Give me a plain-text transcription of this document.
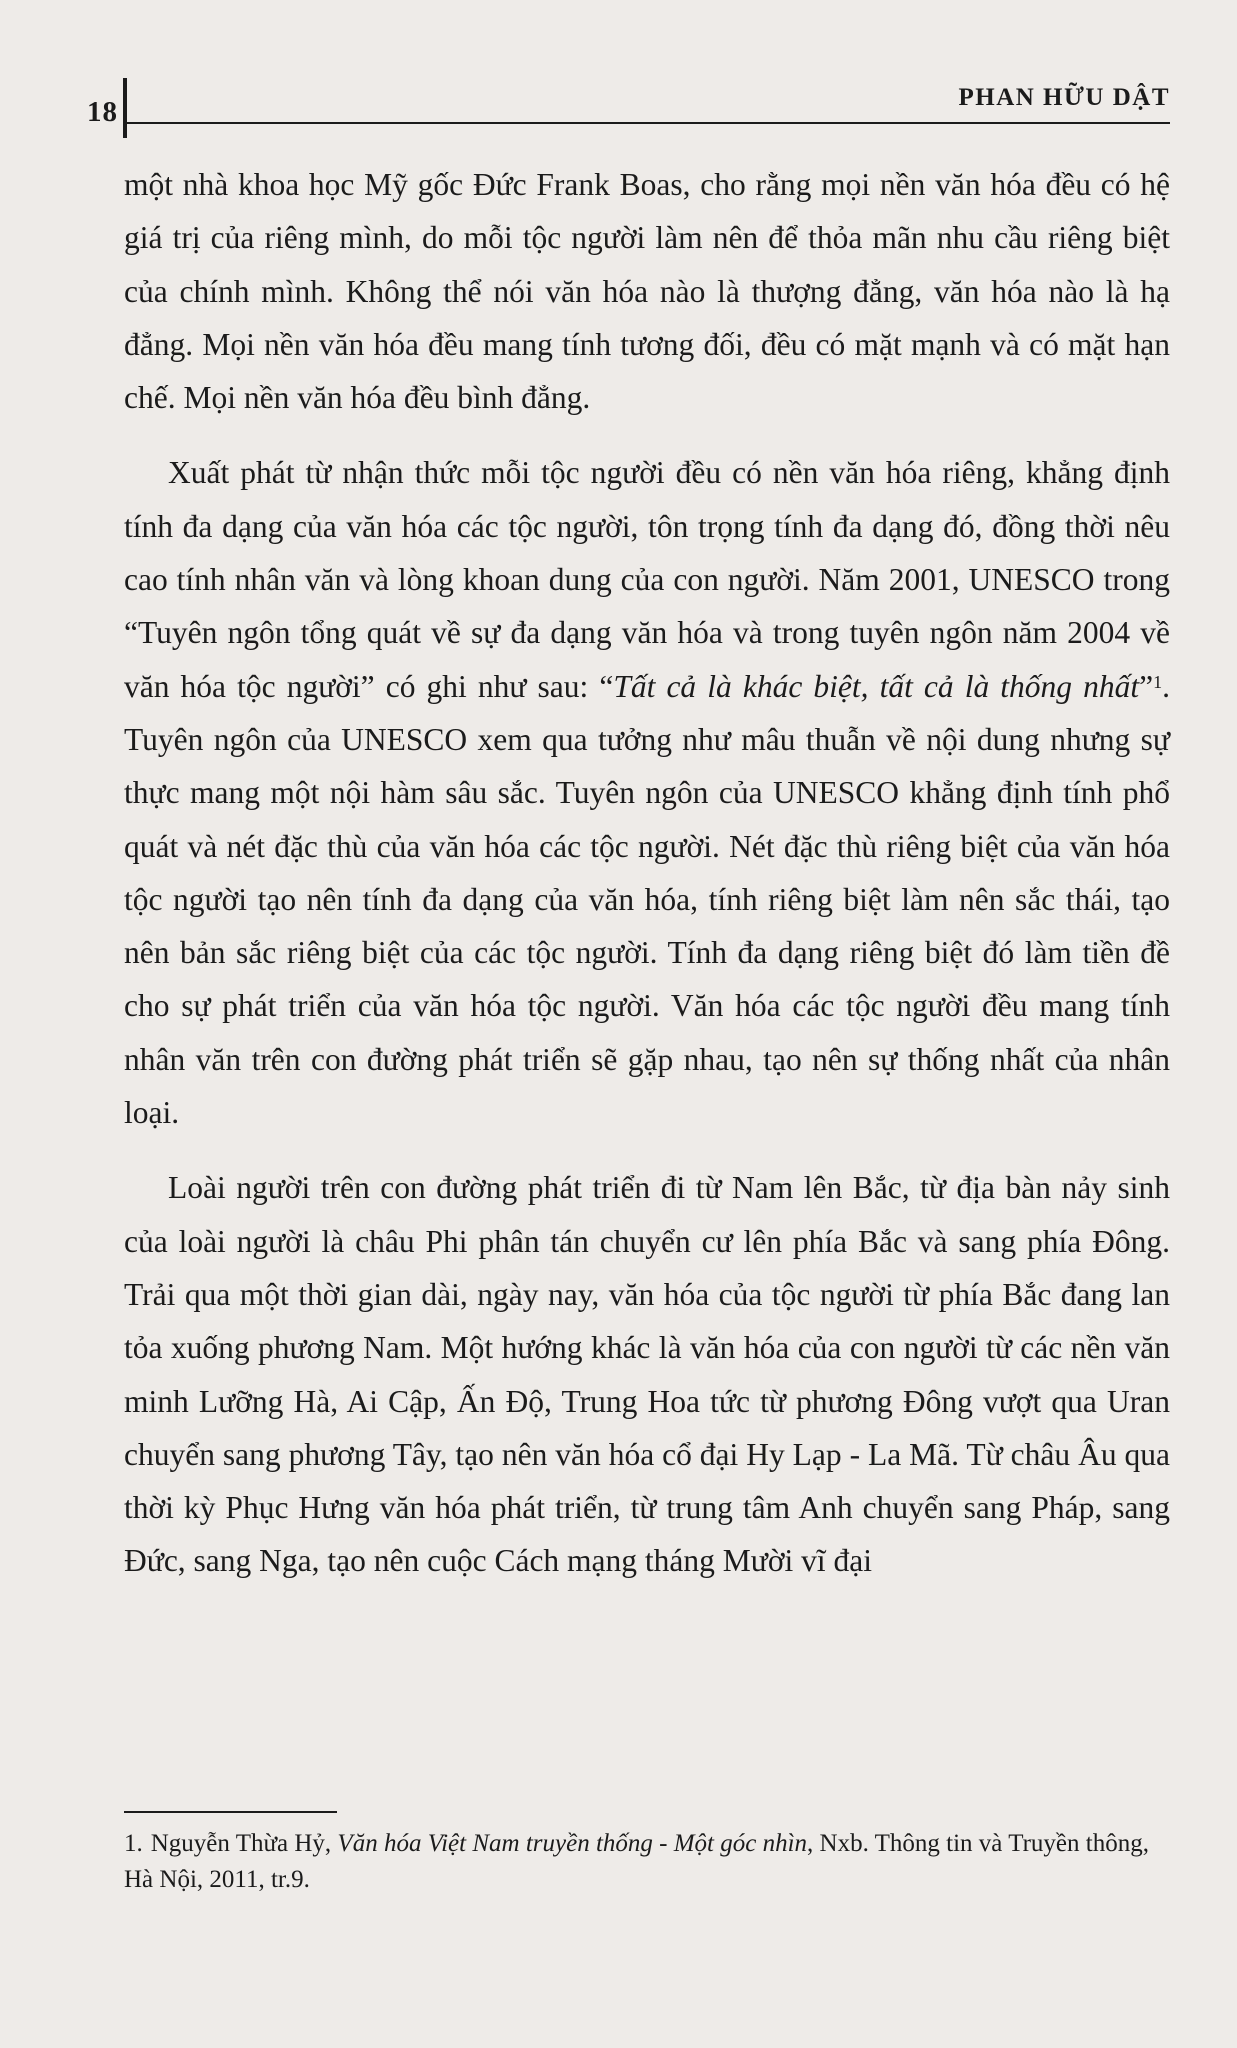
18	PHAN HỮU DẬT

một nhà khoa học Mỹ gốc Đức Frank Boas, cho rằng mọi nền văn hóa đều có hệ giá trị của riêng mình, do mỗi tộc người làm nên để thỏa mãn nhu cầu riêng biệt của chính mình. Không thể nói văn hóa nào là thượng đẳng, văn hóa nào là hạ đẳng. Mọi nền văn hóa đều mang tính tương đối, đều có mặt mạnh và có mặt hạn chế. Mọi nền văn hóa đều bình đẳng.

Xuất phát từ nhận thức mỗi tộc người đều có nền văn hóa riêng, khẳng định tính đa dạng của văn hóa các tộc người, tôn trọng tính đa dạng đó, đồng thời nêu cao tính nhân văn và lòng khoan dung của con người. Năm 2001, UNESCO trong “Tuyên ngôn tổng quát về sự đa dạng văn hóa và trong tuyên ngôn năm 2004 về văn hóa tộc người” có ghi như sau: “Tất cả là khác biệt, tất cả là thống nhất”$^1$. Tuyên ngôn của UNESCO xem qua tưởng như mâu thuẫn về nội dung nhưng sự thực mang một nội hàm sâu sắc. Tuyên ngôn của UNESCO khẳng định tính phổ quát và nét đặc thù của văn hóa các tộc người. Nét đặc thù riêng biệt của văn hóa tộc người tạo nên tính đa dạng của văn hóa, tính riêng biệt làm nên sắc thái, tạo nên bản sắc riêng biệt của các tộc người. Tính đa dạng riêng biệt đó làm tiền đề cho sự phát triển của văn hóa tộc người. Văn hóa các tộc người đều mang tính nhân văn trên con đường phát triển sẽ gặp nhau, tạo nên sự thống nhất của nhân loại.

Loài người trên con đường phát triển đi từ Nam lên Bắc, từ địa bàn nảy sinh của loài người là châu Phi phân tán chuyển cư lên phía Bắc và sang phía Đông. Trải qua một thời gian dài, ngày nay, văn hóa của tộc người từ phía Bắc đang lan tỏa xuống phương Nam. Một hướng khác là văn hóa của con người từ các nền văn minh Lưỡng Hà, Ai Cập, Ấn Độ, Trung Hoa tức từ phương Đông vượt qua Uran chuyển sang phương Tây, tạo nên văn hóa cổ đại Hy Lạp - La Mã. Từ châu Âu qua thời kỳ Phục Hưng văn hóa phát triển, từ trung tâm Anh chuyển sang Pháp, sang Đức, sang Nga, tạo nên cuộc Cách mạng tháng Mười vĩ đại

1. Nguyễn Thừa Hỷ, Văn hóa Việt Nam truyền thống - Một góc nhìn, Nxb. Thông tin và Truyền thông, Hà Nội, 2011, tr.9.
